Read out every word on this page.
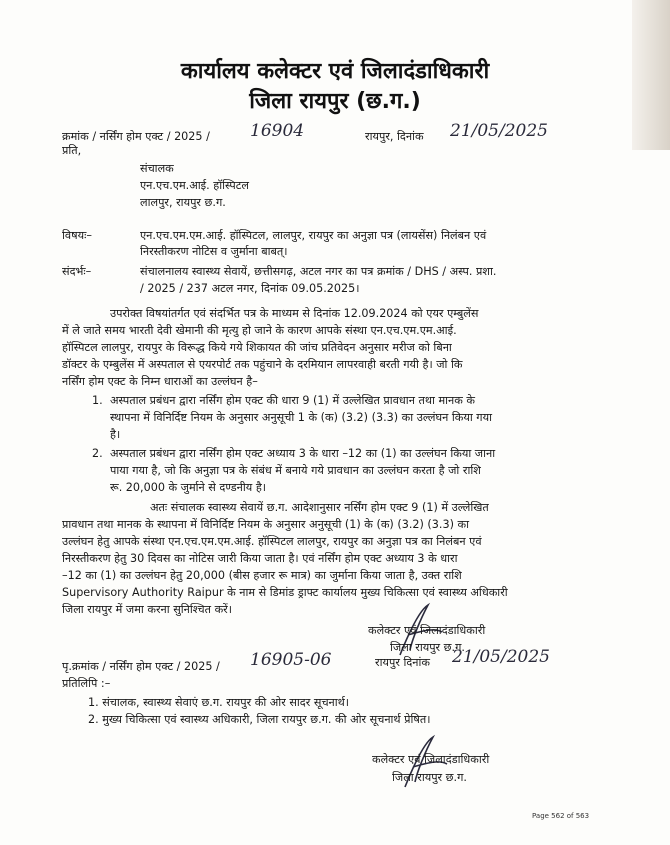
कार्यालय कलेक्टर एवं जिलादंडाधिकारी
जिला रायपुर (छ.ग.)
क्रमांक / नर्सिंग होम एक्ट / 2025 / 16904	रायपुर, दिनांक 21/05/2025
प्रति,
संचालक
एन.एच.एम.आई. हॉस्पिटल
लालपुर, रायपुर छ.ग.
विषयः–	एन.एच.एम.एम.आई. हॉस्पिटल, लालपुर, रायपुर का अनुज्ञा पत्र (लायसेंस) निलंबन एवं
निरस्तीकरण नोटिस व जुर्माना बाबत्।
संदर्भः–	संचालनालय स्वास्थ्य सेवायें, छत्तीसगढ़, अटल नगर का पत्र क्रमांक / DHS / अस्प. प्रशा.
/ 2025 / 237 अटल नगर, दिनांक 09.05.2025।
उपरोक्त विषयांतर्गत एवं संदर्भित पत्र के माध्यम से दिनांक 12.09.2024 को एयर एम्बुलेंस
में ले जाते समय भारती देवी खेमानी की मृत्यु हो जाने के कारण आपके संस्था एन.एच.एम.एम.आई.
हॉस्पिटल लालपुर, रायपुर के विरूद्ध किये गये शिकायत की जांच प्रतिवेदन अनुसार मरीज को बिना
डॉक्टर के एम्बुलेंस में अस्पताल से एयरपोर्ट तक पहुंचाने के दरमियान लापरवाही बरती गयी है। जो कि
नर्सिंग होम एक्ट के निम्न धाराओं का उल्लंघन है–
1. अस्पताल प्रबंधन द्वारा नर्सिंग होम एक्ट की धारा 9 (1) में उल्लेखित प्रावधान तथा मानक के
स्थापना में विनिर्दिष्ट नियम के अनुसार अनुसूची 1 के (क) (3.2) (3.3) का उल्लंघन किया गया
है।
2. अस्पताल प्रबंधन द्वारा नर्सिंग होम एक्ट अध्याय 3 के धारा –12 का (1) का उल्लंघन किया जाना
पाया गया है, जो कि अनुज्ञा पत्र के संबंध में बनाये गये प्रावधान का उल्लंघन करता है जो राशि
रू. 20,000 के जुर्माने से दण्डनीय है।
अतः संचालक स्वास्थ्य सेवायें छ.ग. आदेशानुसार नर्सिंग होम एक्ट 9 (1) में उल्लेखित
प्रावधान तथा मानक के स्थापना में विनिर्दिष्ट नियम के अनुसार अनुसूची (1) के (क) (3.2) (3.3) का
उल्लंघन हेतु आपके संस्था एन.एच.एम.एम.आई. हॉस्पिटल लालपुर, रायपुर का अनुज्ञा पत्र का निलंबन एवं
निरस्तीकरण हेतु 30 दिवस का नोटिस जारी किया जाता है। एवं नर्सिंग होम एक्ट अध्याय 3 के धारा
–12 का (1) का उल्लंघन हेतु 20,000 (बीस हजार रू मात्र) का जुर्माना किया जाता है, उक्त राशि
Supervisory Authority Raipur के नाम से डिमांड ड्राफ्ट कार्यालय मुख्य चिकित्सा एवं स्वास्थ्य अधिकारी
जिला रायपुर में जमा करना सुनिश्चित करें।
कलेक्टर एवं जिलादंडाधिकारी
जिला रायपुर छ.ग.
पृ.क्रमांक / नर्सिंग होम एक्ट / 2025 / 16905-06	रायपुर दिनांक 21/05/2025
प्रतिलिपि :–
1. संचालक, स्वास्थ्य सेवाएं छ.ग. रायपुर की ओर सादर सूचनार्थ।
2. मुख्य चिकित्सा एवं स्वास्थ्य अधिकारी, जिला रायपुर छ.ग. की ओर सूचनार्थ प्रेषित।
कलेक्टर एवं जिलादंडाधिकारी
जिला रायपुर छ.ग.
Page 562 of 563
